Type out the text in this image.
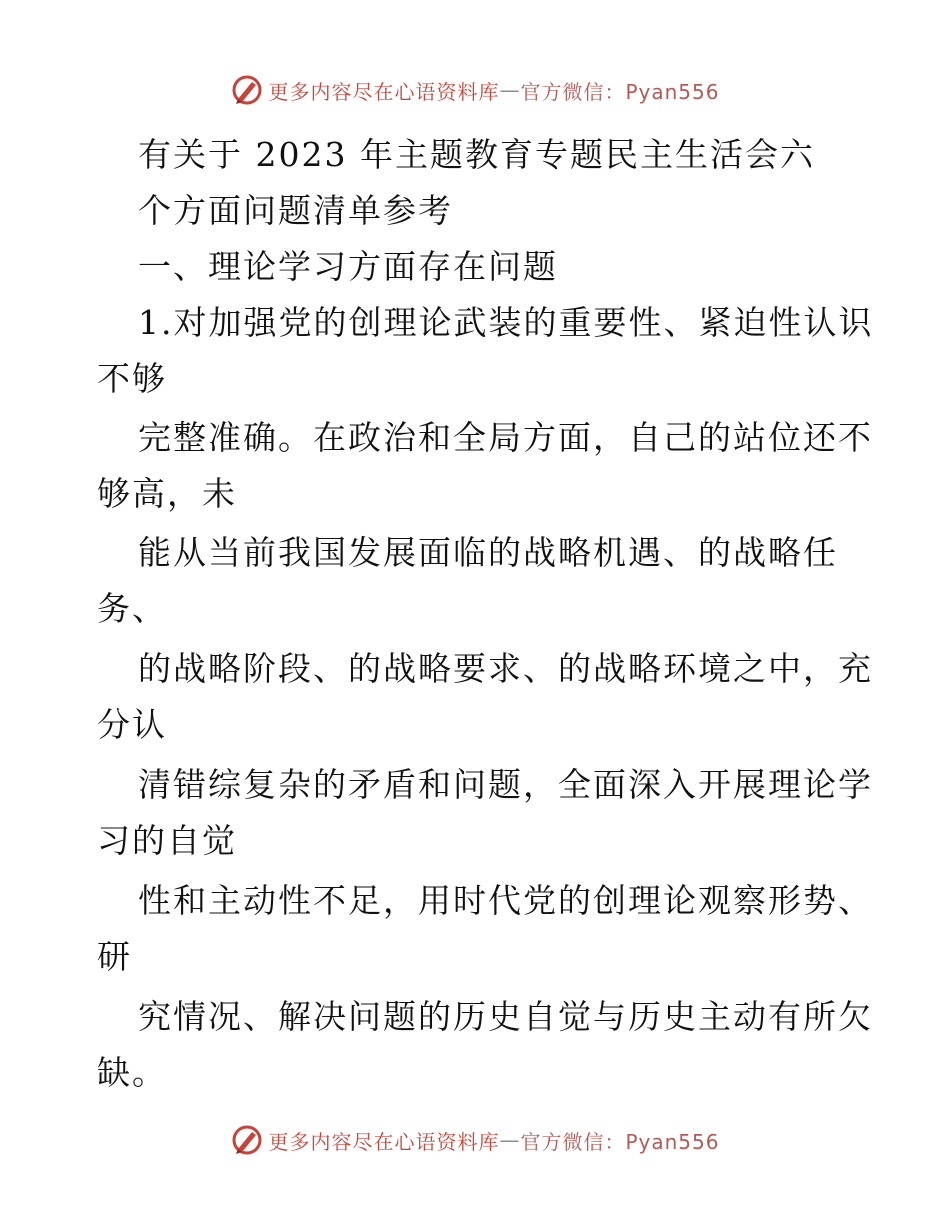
更多内容尽在心语资料库 — 官方微信：Pyan556
有关于 2023 年主题教育专题民主生活会六
个方面问题清单参考
一、理论学习方面存在问题
1.对加强党的创理论武装的重要性、紧迫性认识
不够
完整准确。在政治和全局方面，自己的站位还不
够高，未
能从当前我国发展面临的战略机遇、的战略任
务、
的战略阶段、的战略要求、的战略环境之中，充
分认
清错综复杂的矛盾和问题，全面深入开展理论学
习的自觉
性和主动性不足，用时代党的创理论观察形势、
研
究情况、解决问题的历史自觉与历史主动有所欠
缺。
更多内容尽在心语资料库 — 官方微信：Pyan556
